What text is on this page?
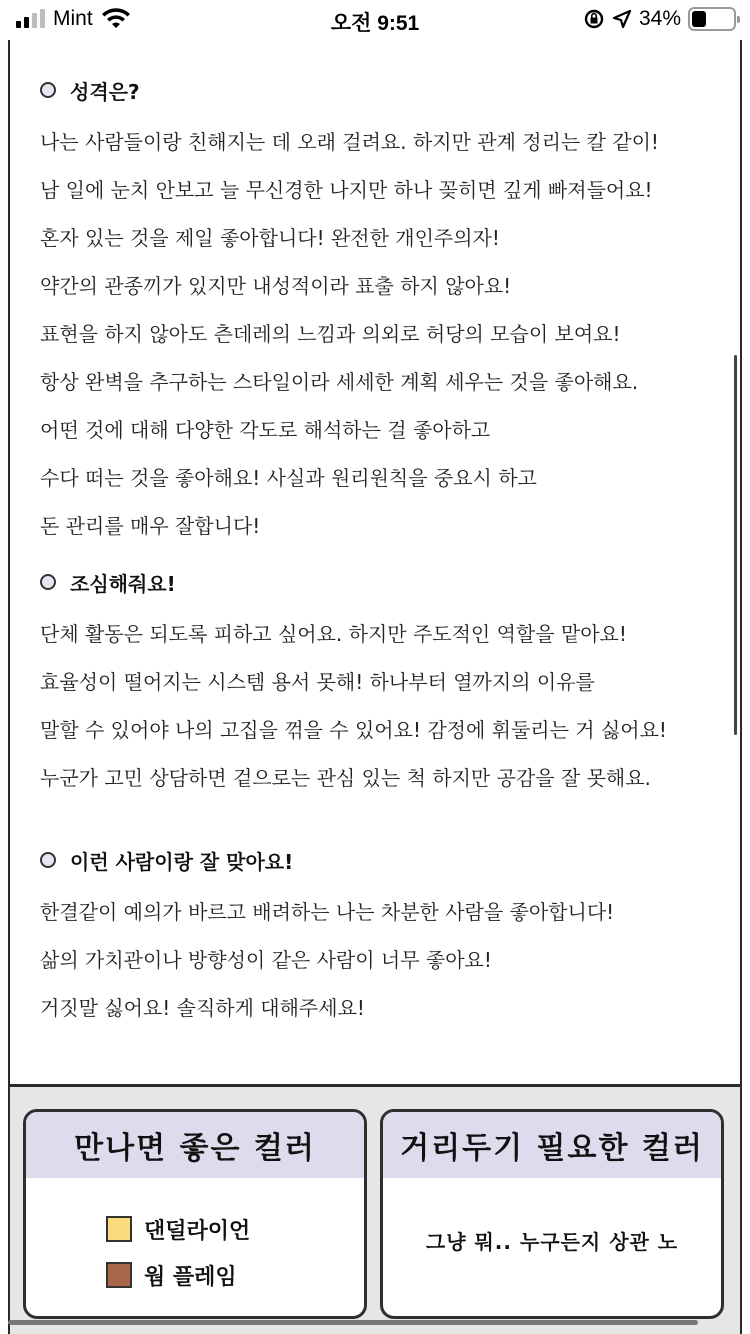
Mint	오전 9:51	34%
성격은?
나는 사람들이랑 친해지는 데 오래 걸려요. 하지만 관계 정리는 칼 같이!
남 일에 눈치 안보고 늘 무신경한 나지만 하나 꽂히면 깊게 빠져들어요!
혼자 있는 것을 제일 좋아합니다! 완전한 개인주의자!
약간의 관종끼가 있지만 내성적이라 표출 하지 않아요!
표현을 하지 않아도 츤데레의 느낌과 의외로 허당의 모습이 보여요!
항상 완벽을 추구하는 스타일이라 세세한 계획 세우는 것을 좋아해요.
어떤 것에 대해 다양한 각도로 해석하는 걸 좋아하고
수다 떠는 것을 좋아해요! 사실과 원리원칙을 중요시 하고
돈 관리를 매우 잘합니다!
조심해줘요!
단체 활동은 되도록 피하고 싶어요. 하지만 주도적인 역할을 맡아요!
효율성이 떨어지는 시스템 용서 못해! 하나부터 열까지의 이유를
말할 수 있어야 나의 고집을 꺾을 수 있어요! 감정에 휘둘리는 거 싫어요!
누군가 고민 상담하면 겉으로는 관심 있는 척 하지만 공감을 잘 못해요.
이런 사람이랑 잘 맞아요!
한결같이 예의가 바르고 배려하는 나는 차분한 사람을 좋아합니다!
삶의 가치관이나 방향성이 같은 사람이 너무 좋아요!
거짓말 싫어요! 솔직하게 대해주세요!
만나면 좋은 컬러
댄덜라이언
웜 플레임
거리두기 필요한 컬러
그냥 뭐.. 누구든지 상관 노
